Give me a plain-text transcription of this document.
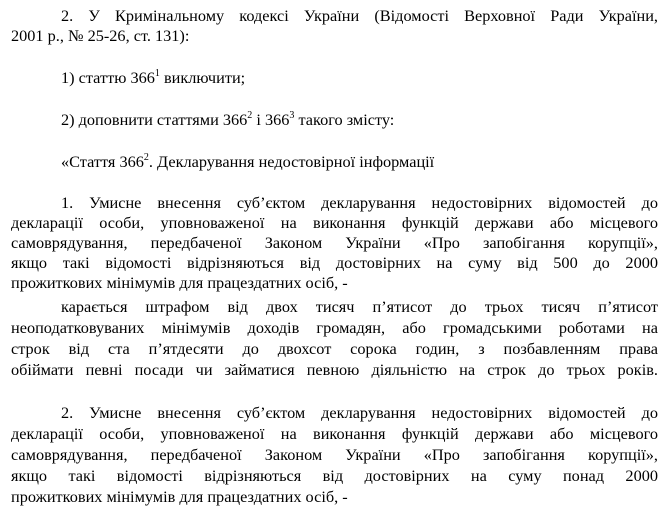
2. У Кримінальному кодексі України (Відомості Верховної Ради України,
2001 р., № 25-26, ст. 131):
1) статтю $366^1$ виключити;
2) доповнити статтями $366^2$ і $366^3$ такого змісту:
«Стаття $366^2$. Декларування недостовірної інформації
1. Умисне внесення суб’єктом декларування недостовірних відомостей до
декларації особи, уповноваженої на виконання функцій держави або місцевого
самоврядування, передбаченої Законом України «Про запобігання корупції»,
якщо такі відомості відрізняються від достовірних на суму від 500 до 2000
прожиткових мінімумів для працездатних осіб, -
карається штрафом від двох тисяч п’ятисот до трьох тисяч п’ятисот
неоподатковуваних мінімумів доходів громадян, або громадськими роботами на
строк від ста п’ятдесяти до двохсот сорока годин, з позбавленням права
обіймати певні посади чи займатися певною діяльністю на строк до трьох років.
2. Умисне внесення суб’єктом декларування недостовірних відомостей до
декларації особи, уповноваженої на виконання функцій держави або місцевого
самоврядування, передбаченої Законом України «Про запобігання корупції»,
якщо такі відомості відрізняються від достовірних на суму понад 2000
прожиткових мінімумів для працездатних осіб, -
